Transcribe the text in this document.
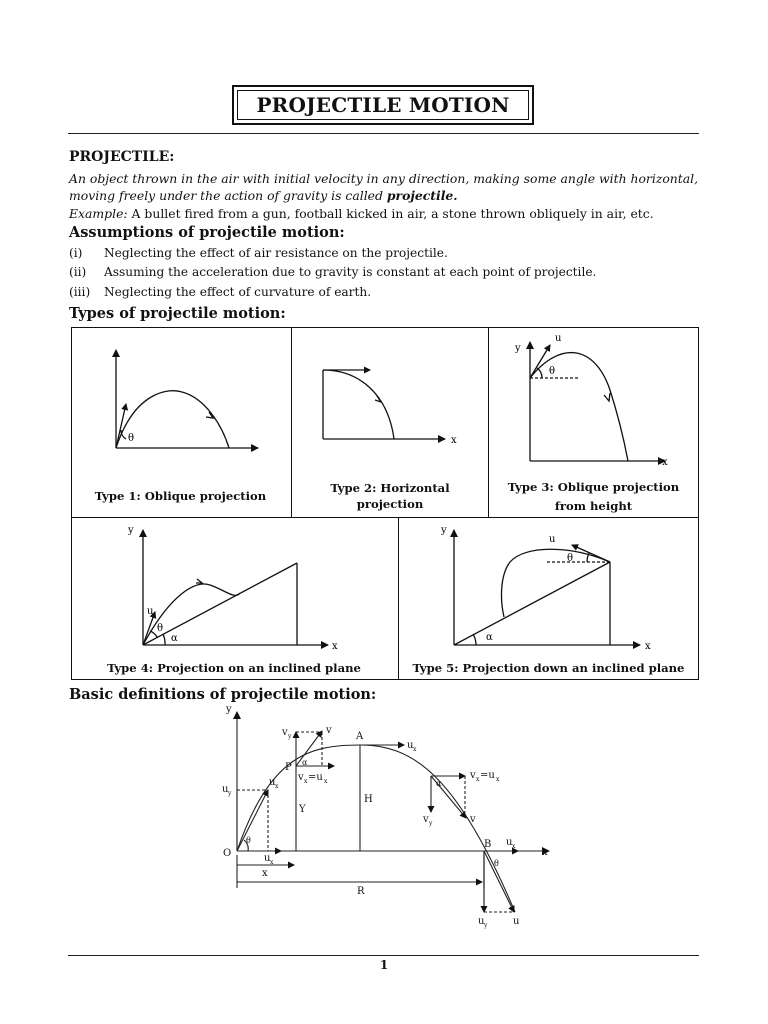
PROJECTILE MOTION
PROJECTILE:
An object thrown in the air with initial velocity in any direction, making some angle with horizontal,
moving freely under the action of gravity is called projectile.
Example: A bullet fired from a gun, football kicked in air, a stone thrown obliquely in air, etc.
Assumptions of projectile motion:
(i) Neglecting the effect of air resistance on the projectile.
(ii) Assuming the acceleration due to gravity is constant at each point of projectile.
(iii) Neglecting the effect of curvature of earth.
Types of projectile motion:
θ	x
u
y
θ
x
y
u
θ
α
x
y
u
θ
α
x
Type 1: Oblique projection
Type 2: Horizontal
projection
Type 3: Oblique projection
from height
Type 4: Projection on an inclined plane	Type 5: Projection down an inclined plane
Basic definitions of projectile motion:
y
v y
v
A
u x
P α
v x =u x
u y
u x
Y
H
v x =u x
α
v y	v
O
θ
u x
x
R
B u x
x
θ
u y	u
1
